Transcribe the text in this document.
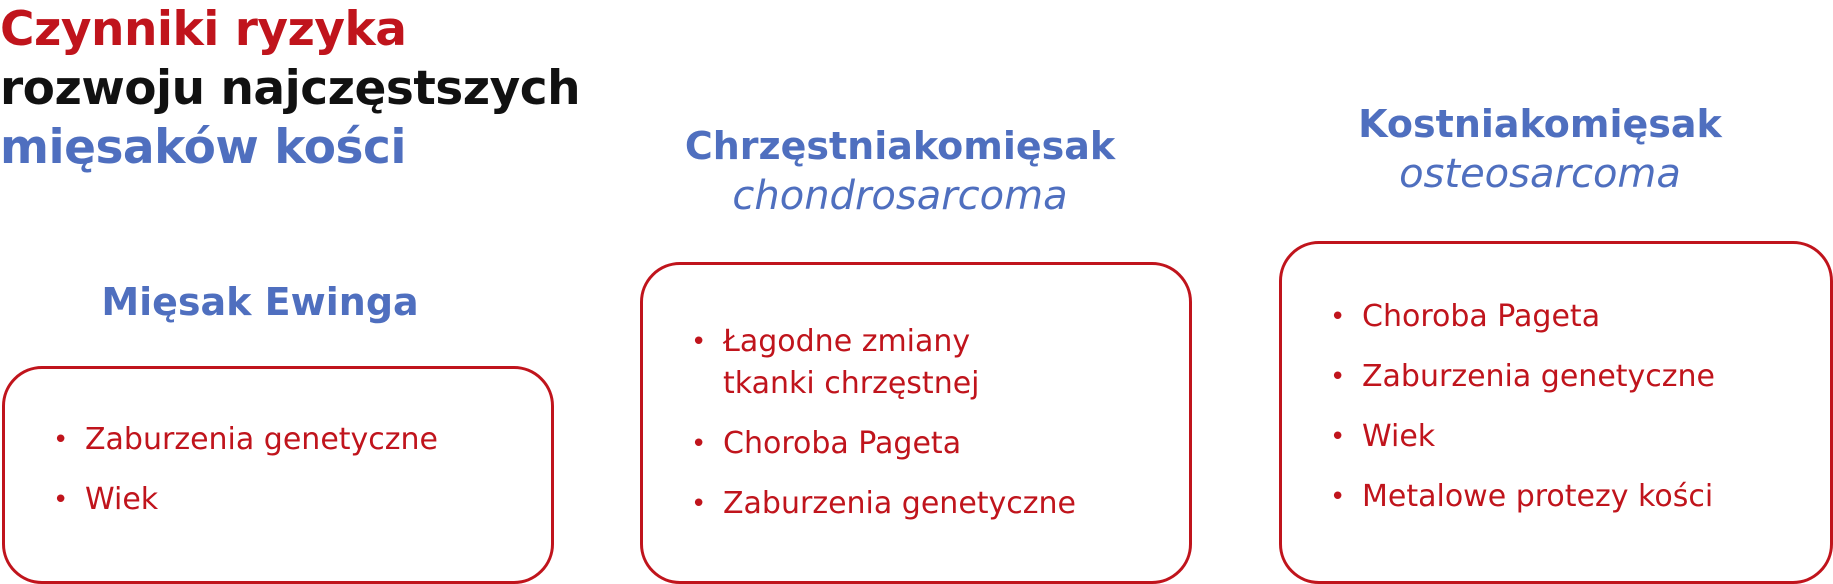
Czynniki ryzyka
rozwoju najczęstszych
mięsaków kości
Mięsak Ewinga
• Zaburzenia genetyczne
• Wiek
Chrzęstniakomięsak
chondrosarcoma
• Łagodne zmiany tkanki chrzęstnej
• Choroba Pageta
• Zaburzenia genetyczne
Kostniakomięsak
osteosarcoma
• Choroba Pageta
• Zaburzenia genetyczne
• Wiek
• Metalowe protezy kości
